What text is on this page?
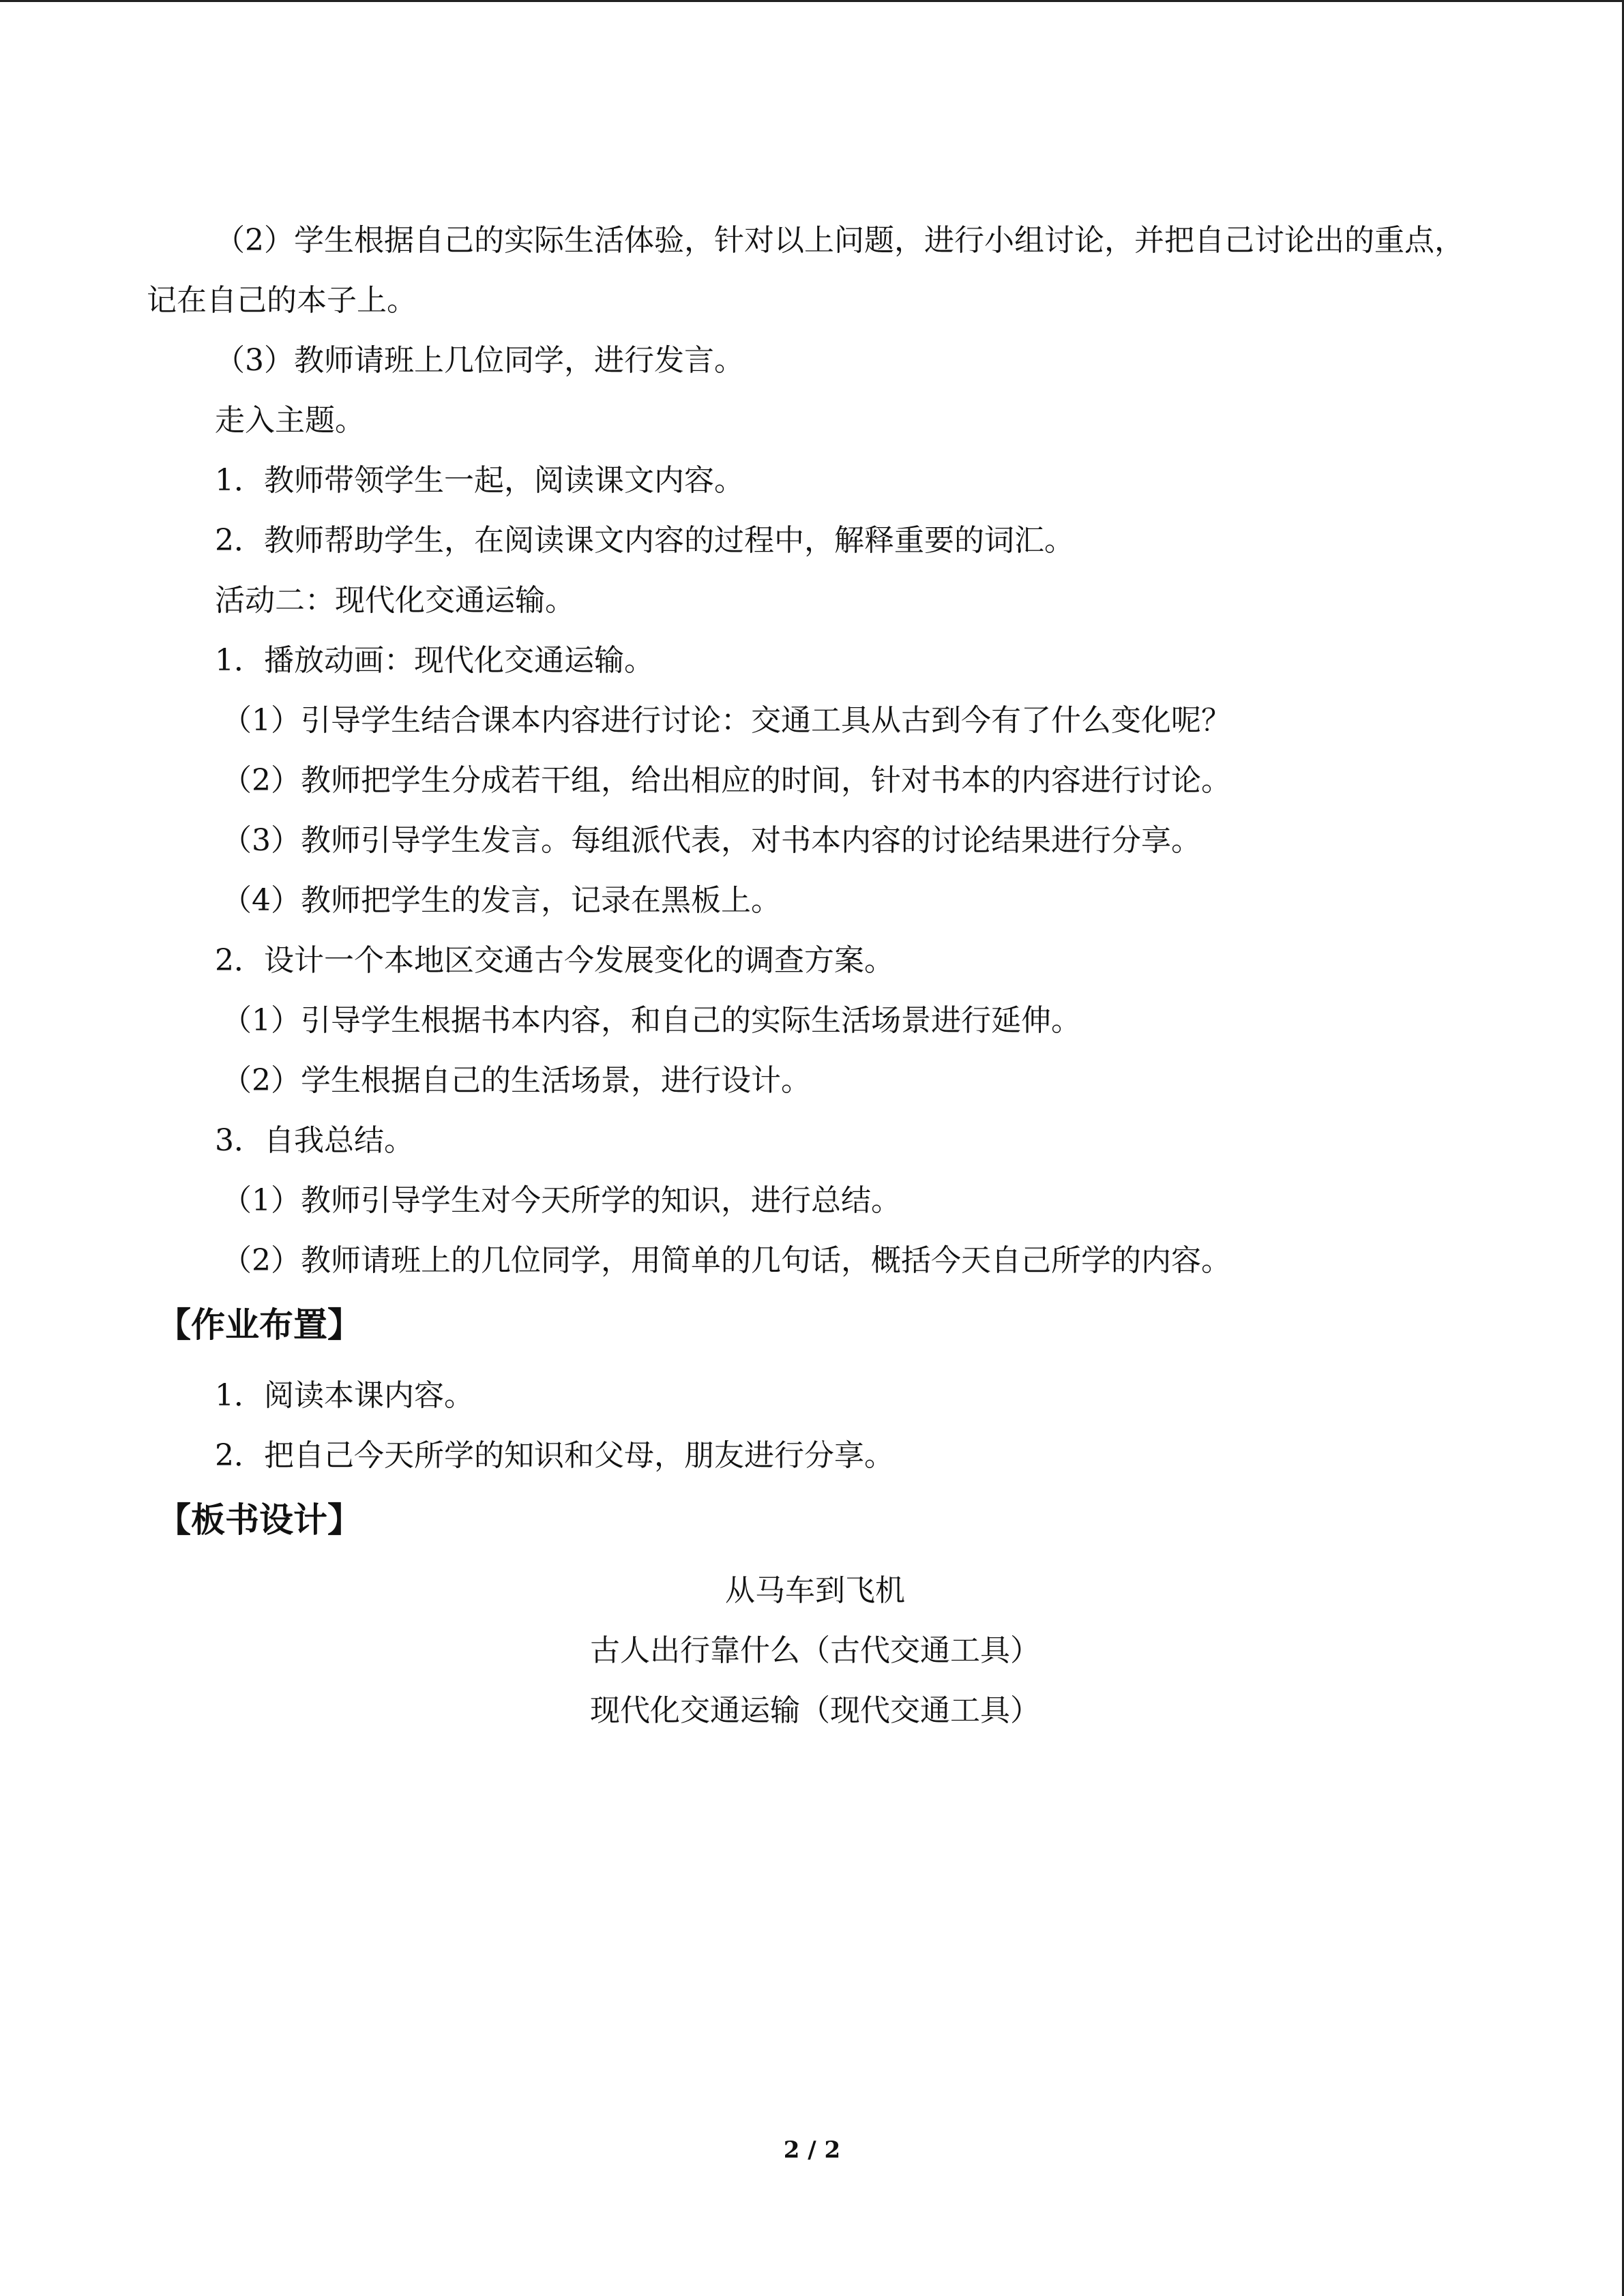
（2）学生根据自己的实际生活体验，针对以上问题，进行小组讨论，并把自己讨论出的重点，记在自己的本子上。
（3）教师请班上几位同学，进行发言。
走入主题。
1．教师带领学生一起，阅读课文内容。
2．教师帮助学生，在阅读课文内容的过程中，解释重要的词汇。
活动二：现代化交通运输。
1．播放动画：现代化交通运输。
（1）引导学生结合课本内容进行讨论：交通工具从古到今有了什么变化呢？
（2）教师把学生分成若干组，给出相应的时间，针对书本的内容进行讨论。
（3）教师引导学生发言。每组派代表，对书本内容的讨论结果进行分享。
（4）教师把学生的发言，记录在黑板上。
2．设计一个本地区交通古今发展变化的调查方案。
（1）引导学生根据书本内容，和自己的实际生活场景进行延伸。
（2）学生根据自己的生活场景，进行设计。
3．自我总结。
（1）教师引导学生对今天所学的知识，进行总结。
（2）教师请班上的几位同学，用简单的几句话，概括今天自己所学的内容。
【作业布置】
1．阅读本课内容。
2．把自己今天所学的知识和父母，朋友进行分享。
【板书设计】
从马车到飞机
古人出行靠什么（古代交通工具）
现代化交通运输（现代交通工具）
2 / 2
